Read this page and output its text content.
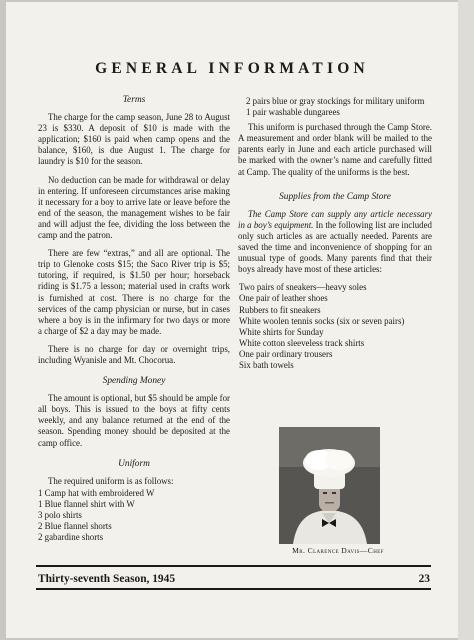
GENERAL INFORMATION
Terms

The charge for the camp season, June 28 to August 23 is $330. A deposit of $10 is made with the application; $160 is paid when camp opens and the balance, $160, is due August 1. The charge for laundry is $10 for the season.

No deduction can be made for withdrawal or delay in entering. If unforeseen circumstances arise making it necessary for a boy to arrive late or leave before the end of the season, the management wishes to be fair and will adjust the fee, dividing the loss between the camp and the patron.

There are few “extras,” and all are optional. The trip to Glenoke costs $15; the Saco River trip is $5; tutoring, if required, is $1.50 per hour; horseback riding is $1.75 a lesson; material used in crafts work is furnished at cost. There is no charge for the services of the camp physician or nurse, but in cases where a boy is in the infirmary for two days or more a charge of $2 a day may be made.

There is no charge for day or overnight trips, including Wyanisle and Mt. Chocorua.

Spending Money

The amount is optional, but $5 should be ample for all boys. This is issued to the boys at fifty cents weekly, and any balance returned at the end of the season. Spending money should be deposited at the camp office.

Uniform

The required uniform is as follows:

1 Camp hat with embroidered W
1 Blue flannel shirt with W
3 polo shirts
2 Blue flannel shorts
2 gabardine shorts
2 pairs blue or gray stockings for military uniform
1 pair washable dungarees

This uniform is purchased through the Camp Store. A measurement and order blank will be mailed to the parents early in June and each article purchased will be marked with the owner’s name and carefully fitted at Camp. The quality of the uniforms is the best.

Supplies from the Camp Store

The Camp Store can supply any article necessary in a boy’s equipment. In the following list are included only such articles as are actually needed. Parents are saved the time and inconvenience of shopping for an unusual type of goods. Many parents find that their boys already have most of these articles:

Two pairs of sneakers—heavy soles
One pair of leather shoes
Rubbers to fit sneakers
White woolen tennis socks (six or seven pairs)
White shirts for Sunday
White cotton sleeveless track shirts
One pair ordinary trousers
Six bath towels
Mr. Clarence Davis—Chef
Thirty-seventh Season, 1945	23
